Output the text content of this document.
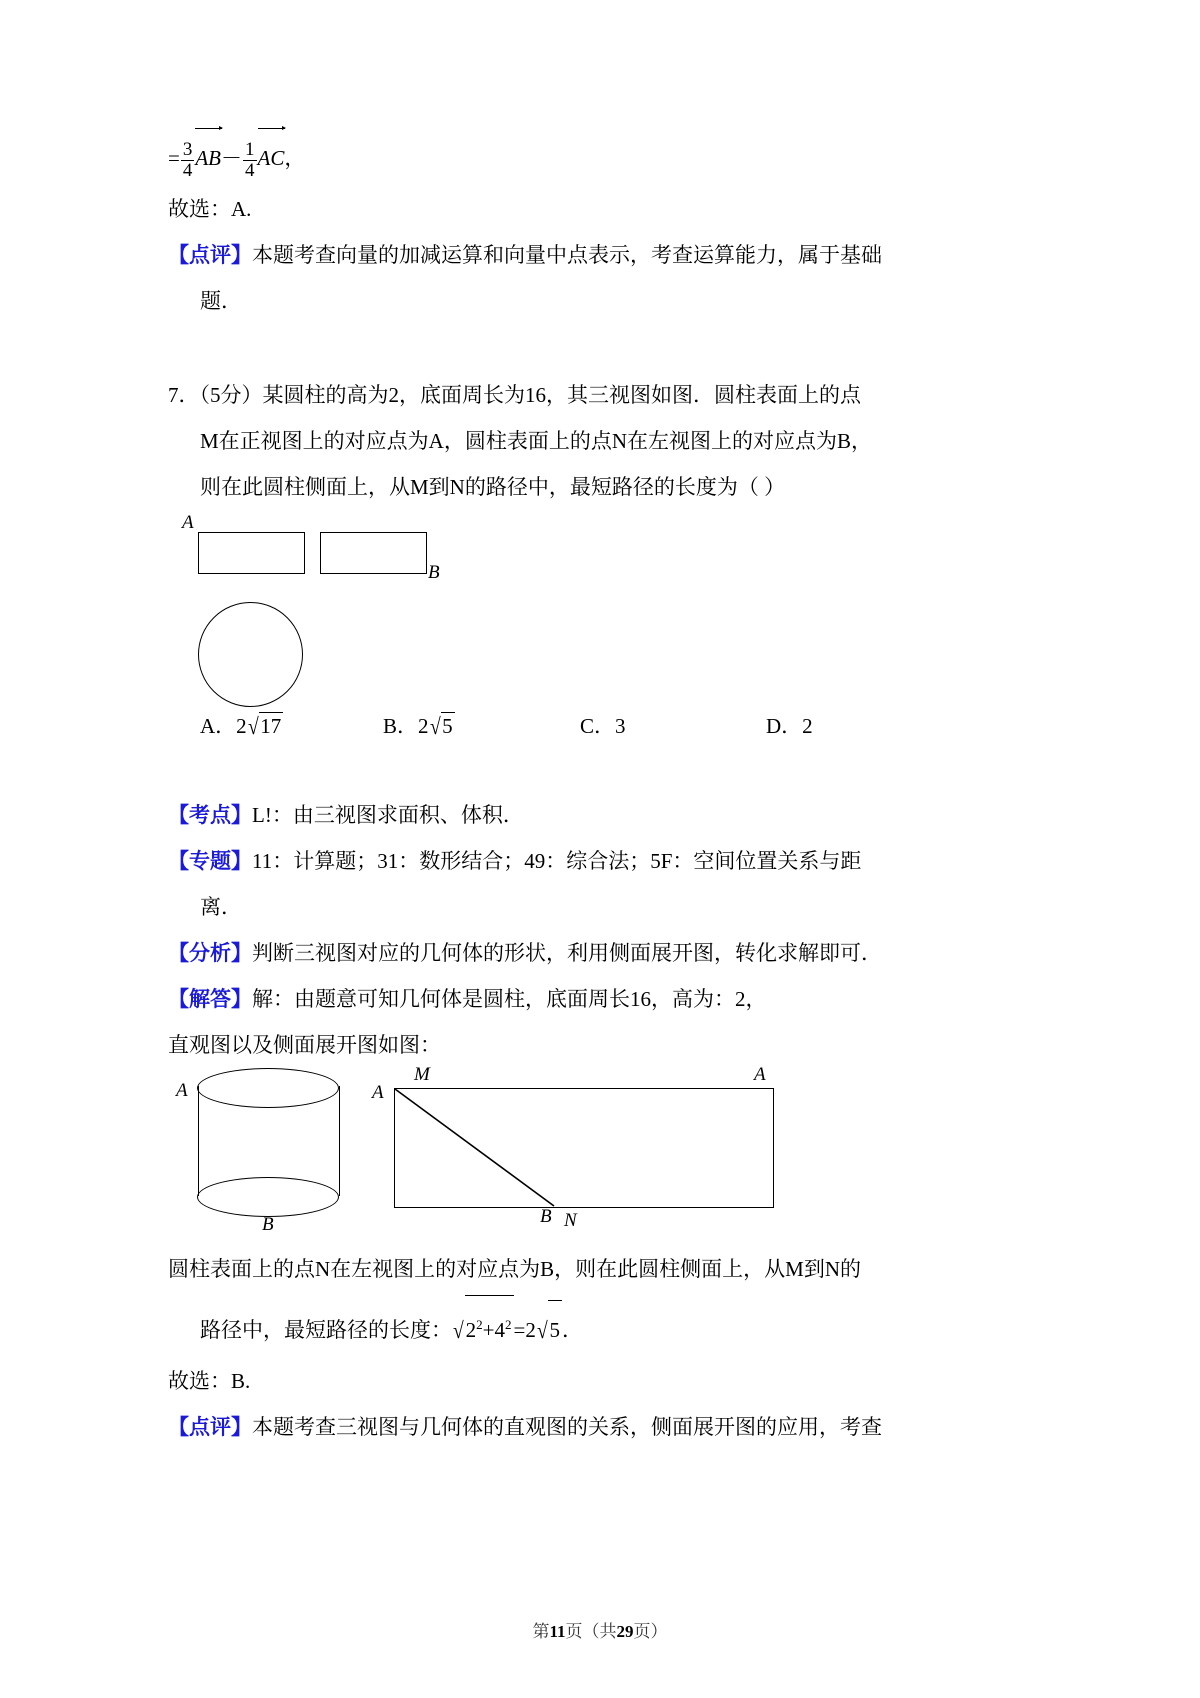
= $\frac{3}{4} AB- \frac{1}{4}$ AC，
故选：A.
【点评】本题考查向量的加减运算和向量中点表示，考查运算能力，属于基础
题．
7．（5分）某圆柱的高为2，底面周长为16，其三视图如图．圆柱表面上的点
M在正视图上的对应点为A，圆柱表面上的点N在左视图上的对应点为B，
则在此圆柱侧面上，从M到N的路径中，最短路径的长度为（ ）
A
B
A．2√17	B．2√5	C．3	D．2
【考点】L!：由三视图求面积、体积．
【专题】11：计算题；31：数形结合；49：综合法；5F：空间位置关系与距
离．
【分析】判断三视图对应的几何体的形状，利用侧面展开图，转化求解即可．
【解答】解：由题意可知几何体是圆柱，底面周长16，高为：2，
直观图以及侧面展开图如图：
A
B
A
M	A
B N
圆柱表面上的点N在左视图上的对应点为B，则在此圆柱侧面上，从M到N的
路径中，最短路径的长度：$√2^2+4^2=2√5$．
故选：B.
【点评】本题考查三视图与几何体的直观图的关系，侧面展开图的应用，考查
第11页（共29页）
